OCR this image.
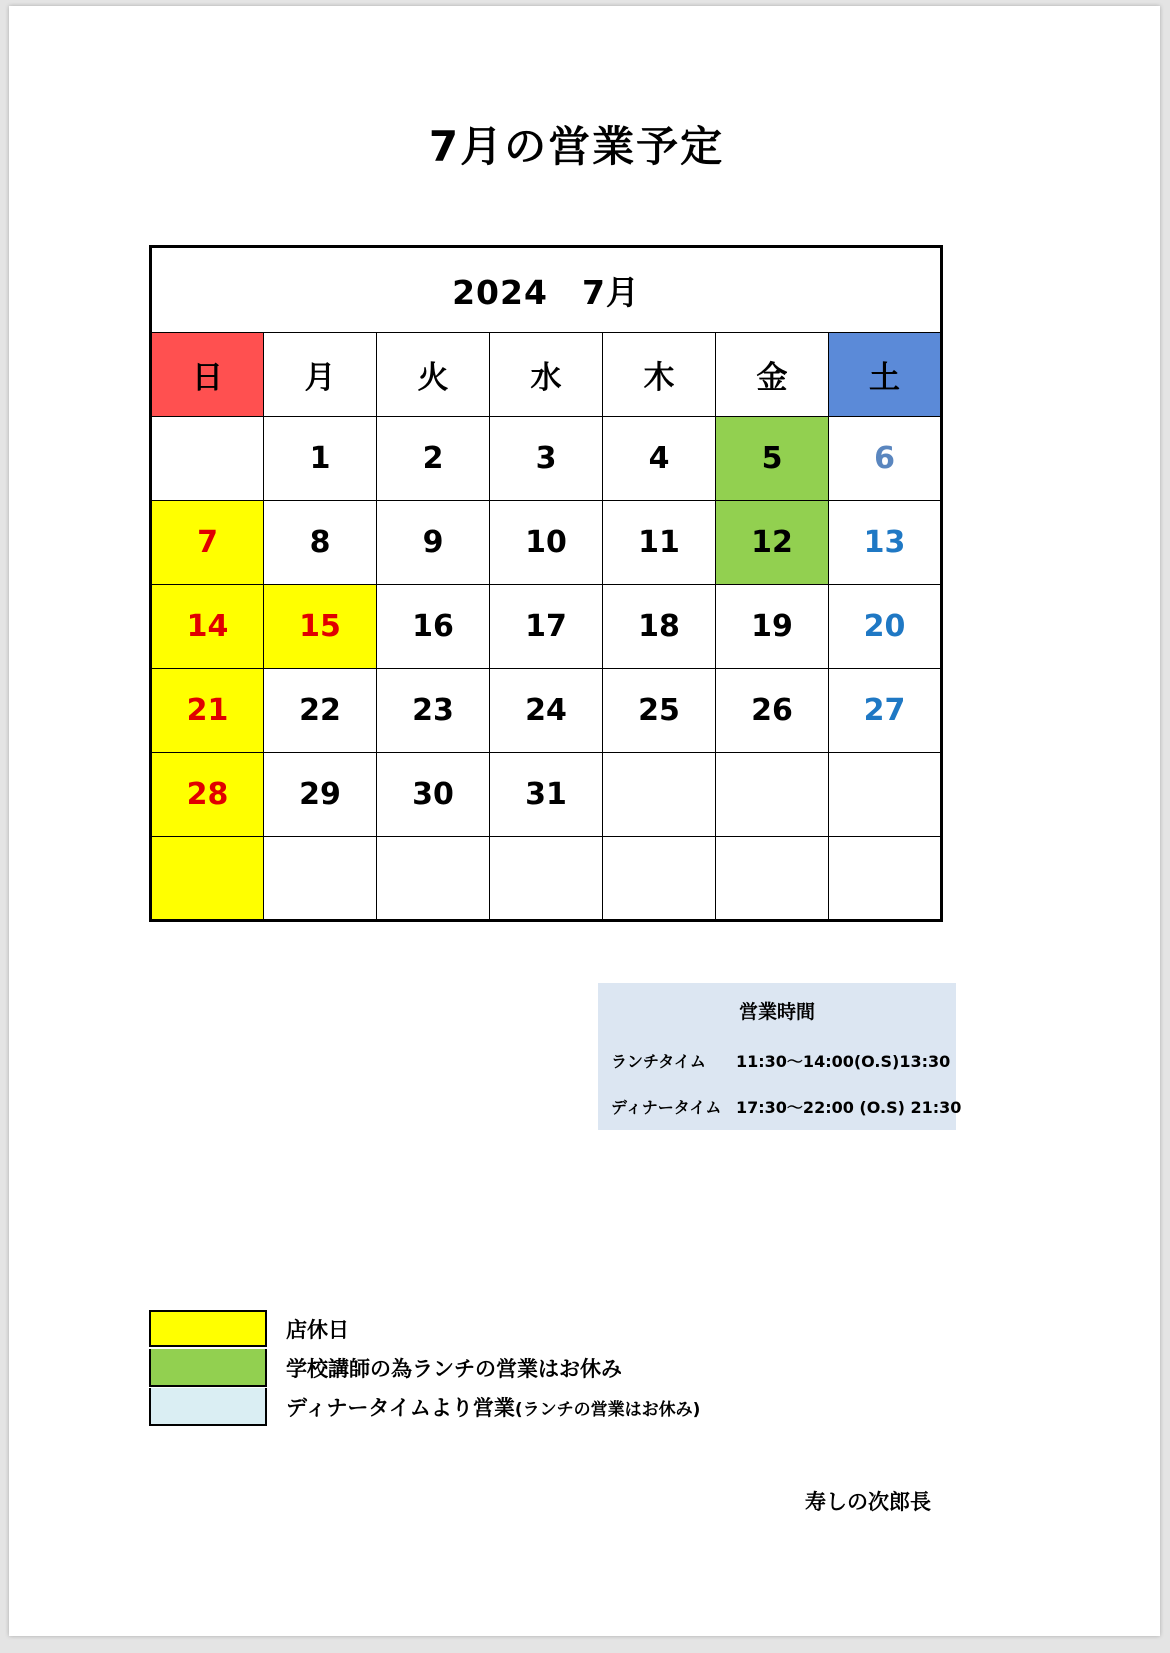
7月の営業予定
2024　7月						
日	月	火	水	木	金	土
	1	2	3	4	5	6
7	8	9	10	11	12	13
14	15	16	17	18	19	20
21	22	23	24	25	26	27
28	29	30	31			

営業時間
ランチタイム 11:30〜14:00(O.S)13:30
ディナータイム 17:30〜22:00 (O.S) 21:30
店休日
学校講師の為ランチの営業はお休み
ディナータイムより営業(ランチの営業はお休み)
寿しの次郎長
